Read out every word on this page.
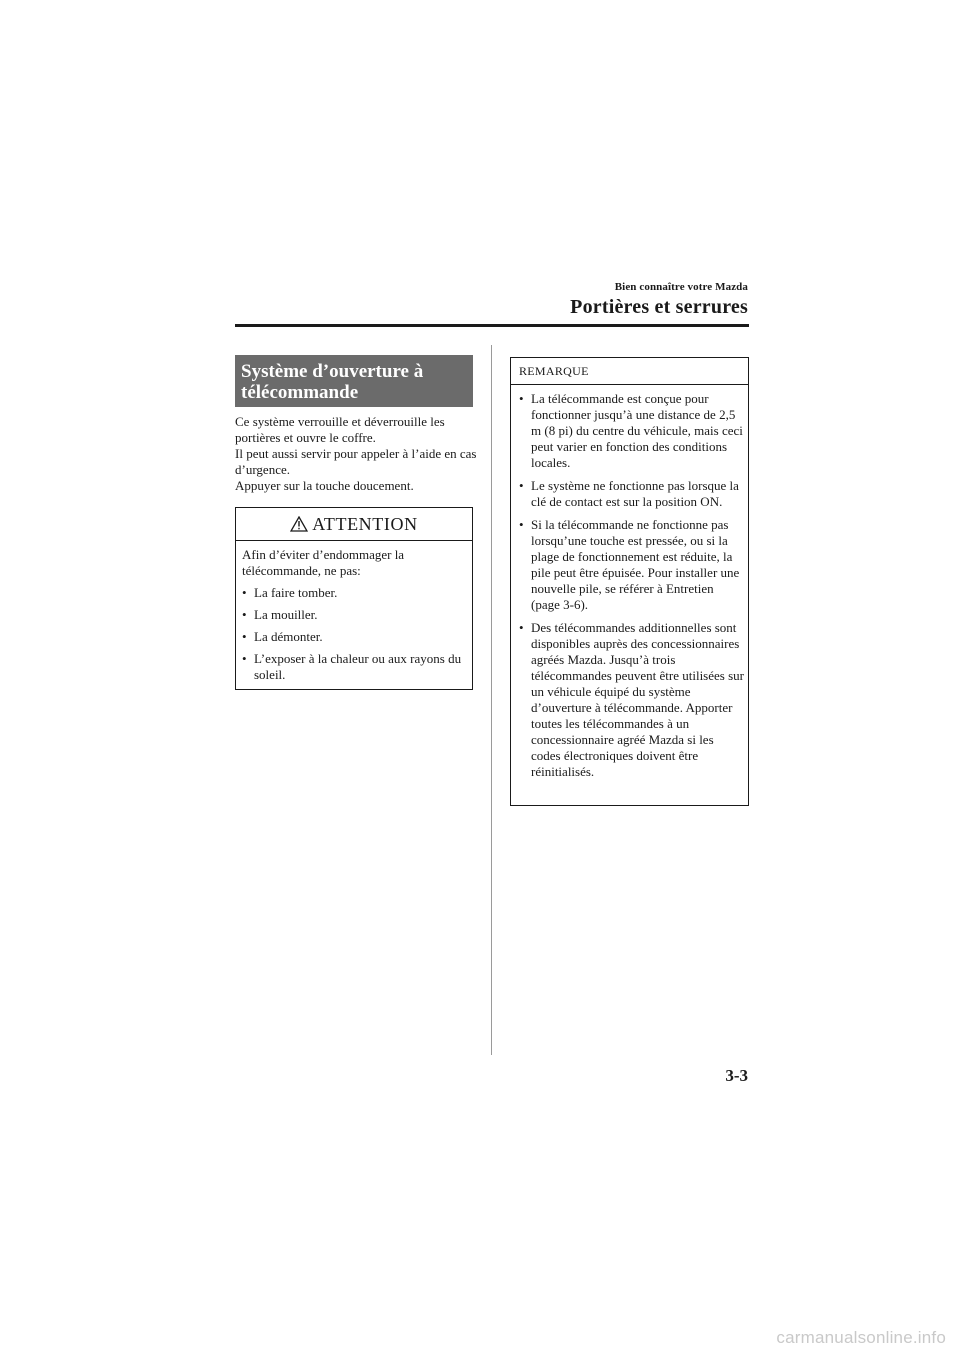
Bien connaître votre Mazda
Portières et serrures
Système d’ouverture à
télécommande

Ce système verrouille et déverrouille les portières et ouvre le coffre.

Il peut aussi servir pour appeler à l’aide en cas d’urgence.

Appuyer sur la touche doucement.

ATTENTION

Afin d’éviter d’endommager la télécommande, ne pas:

• La faire tomber.
• La mouiller.
• La démonter.
• L’exposer à la chaleur ou aux rayons du soleil.
REMARQUE
• La télécommande est conçue pour fonctionner jusqu’à une distance de 2,5 m (8 pi) du centre du véhicule, mais ceci peut varier en fonction des conditions locales.
• Le système ne fonctionne pas lorsque la clé de contact est sur la position ON.
• Si la télécommande ne fonctionne pas lorsqu’une touche est pressée, ou si la plage de fonctionnement est réduite, la pile peut être épuisée. Pour installer une nouvelle pile, se référer à Entretien (page 3-6).
• Des télécommandes additionnelles sont disponibles auprès des concessionnaires agréés Mazda. Jusqu’à trois télécommandes peuvent être utilisées sur un véhicule équipé du système d’ouverture à télécommande. Apporter toutes les télécommandes à un concessionnaire agréé Mazda si les codes électroniques doivent être réinitialisés.
3-3
carmanualsonline.info
